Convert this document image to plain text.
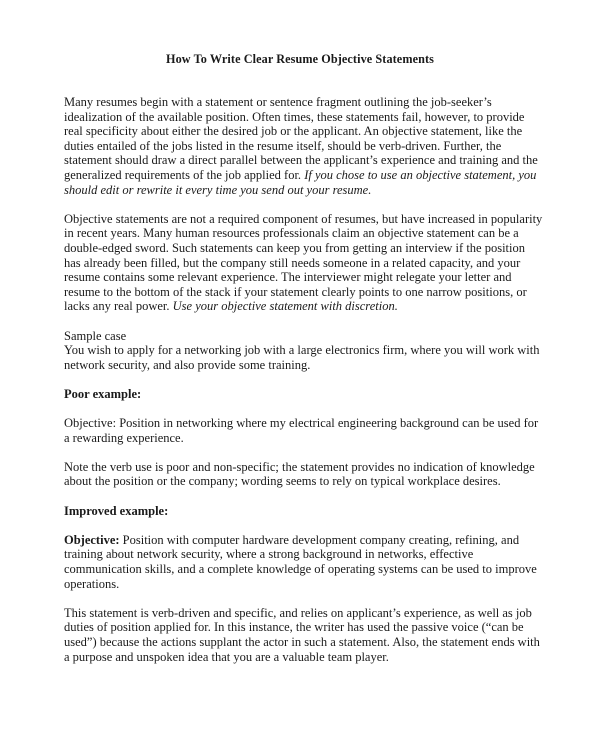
How To Write Clear Resume Objective Statements

Many resumes begin with a statement or sentence fragment outlining the job-seeker’s idealization of the available position. Often times, these statements fail, however, to provide real specificity about either the desired job or the applicant. An objective statement, like the duties entailed of the jobs listed in the resume itself, should be verb-driven. Further, the statement should draw a direct parallel between the applicant’s experience and training and the generalized requirements of the job applied for. If you chose to use an objective statement, you should edit or rewrite it every time you send out your resume.

Objective statements are not a required component of resumes, but have increased in popularity in recent years. Many human resources professionals claim an objective statement can be a double-edged sword. Such statements can keep you from getting an interview if the position has already been filled, but the company still needs someone in a related capacity, and your resume contains some relevant experience. The interviewer might relegate your letter and resume to the bottom of the stack if your statement clearly points to one narrow positions, or lacks any real power. Use your objective statement with discretion.

Sample case

You wish to apply for a networking job with a large electronics firm, where you will work with network security, and also provide some training.

Poor example:

Objective: Position in networking where my electrical engineering background can be used for a rewarding experience.

Note the verb use is poor and non-specific; the statement provides no indication of knowledge about the position or the company; wording seems to rely on typical workplace desires.

Improved example:

Objective: Position with computer hardware development company creating, refining, and training about network security, where a strong background in networks, effective communication skills, and a complete knowledge of operating systems can be used to improve operations.

This statement is verb-driven and specific, and relies on applicant’s experience, as well as job duties of position applied for. In this instance, the writer has used the passive voice (“can be used”) because the actions supplant the actor in such a statement. Also, the statement ends with a purpose and unspoken idea that you are a valuable team player.
